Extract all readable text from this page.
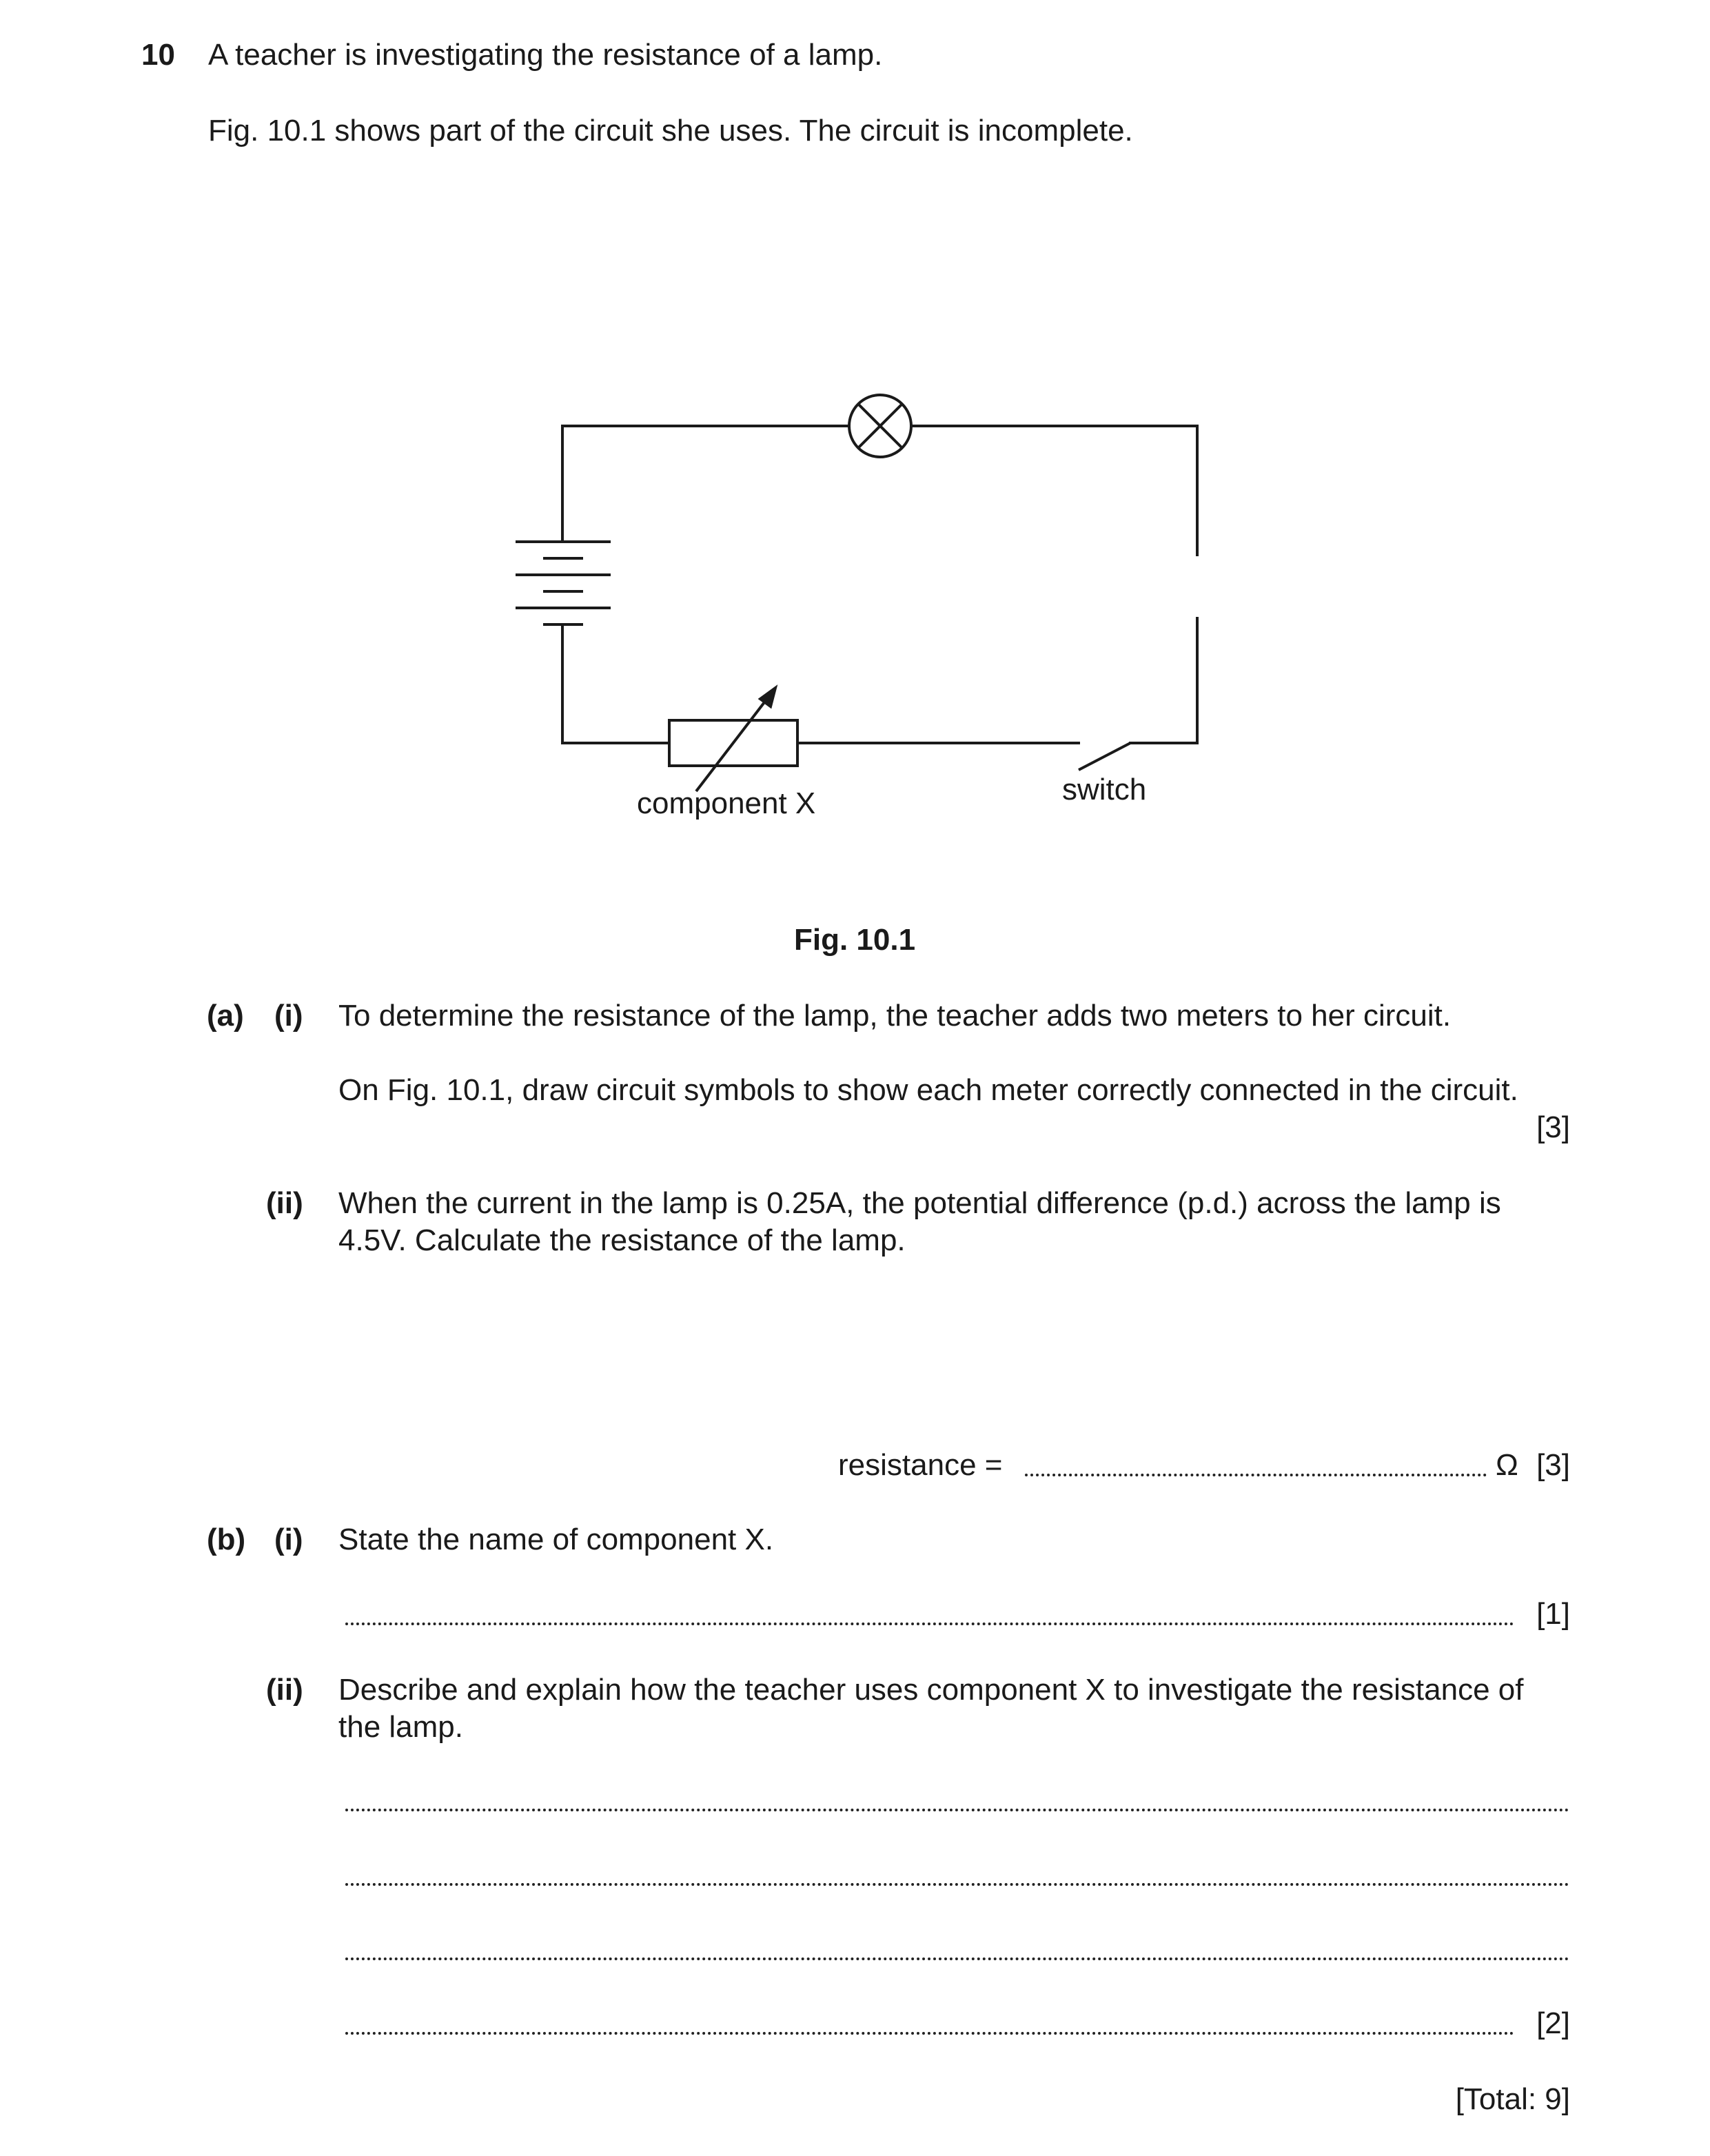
10 A teacher is investigating the resistance of a lamp.
Fig. 10.1 shows part of the circuit she uses. The circuit is incomplete.
component X	switch
Fig. 10.1
(a) (i) To determine the resistance of the lamp, the teacher adds two meters to her circuit.
On Fig. 10.1, draw circuit symbols to show each meter correctly connected in the circuit.
[3]
(ii) When the current in the lamp is 0.25A, the potential difference (p.d.) across the lamp is
4.5V. Calculate the resistance of the lamp.
resistance =	Ω [3]
(b) (i) State the name of component X.
[1]
(ii) Describe and explain how the teacher uses component X to investigate the resistance of
the lamp.
[2]
[Total: 9]
